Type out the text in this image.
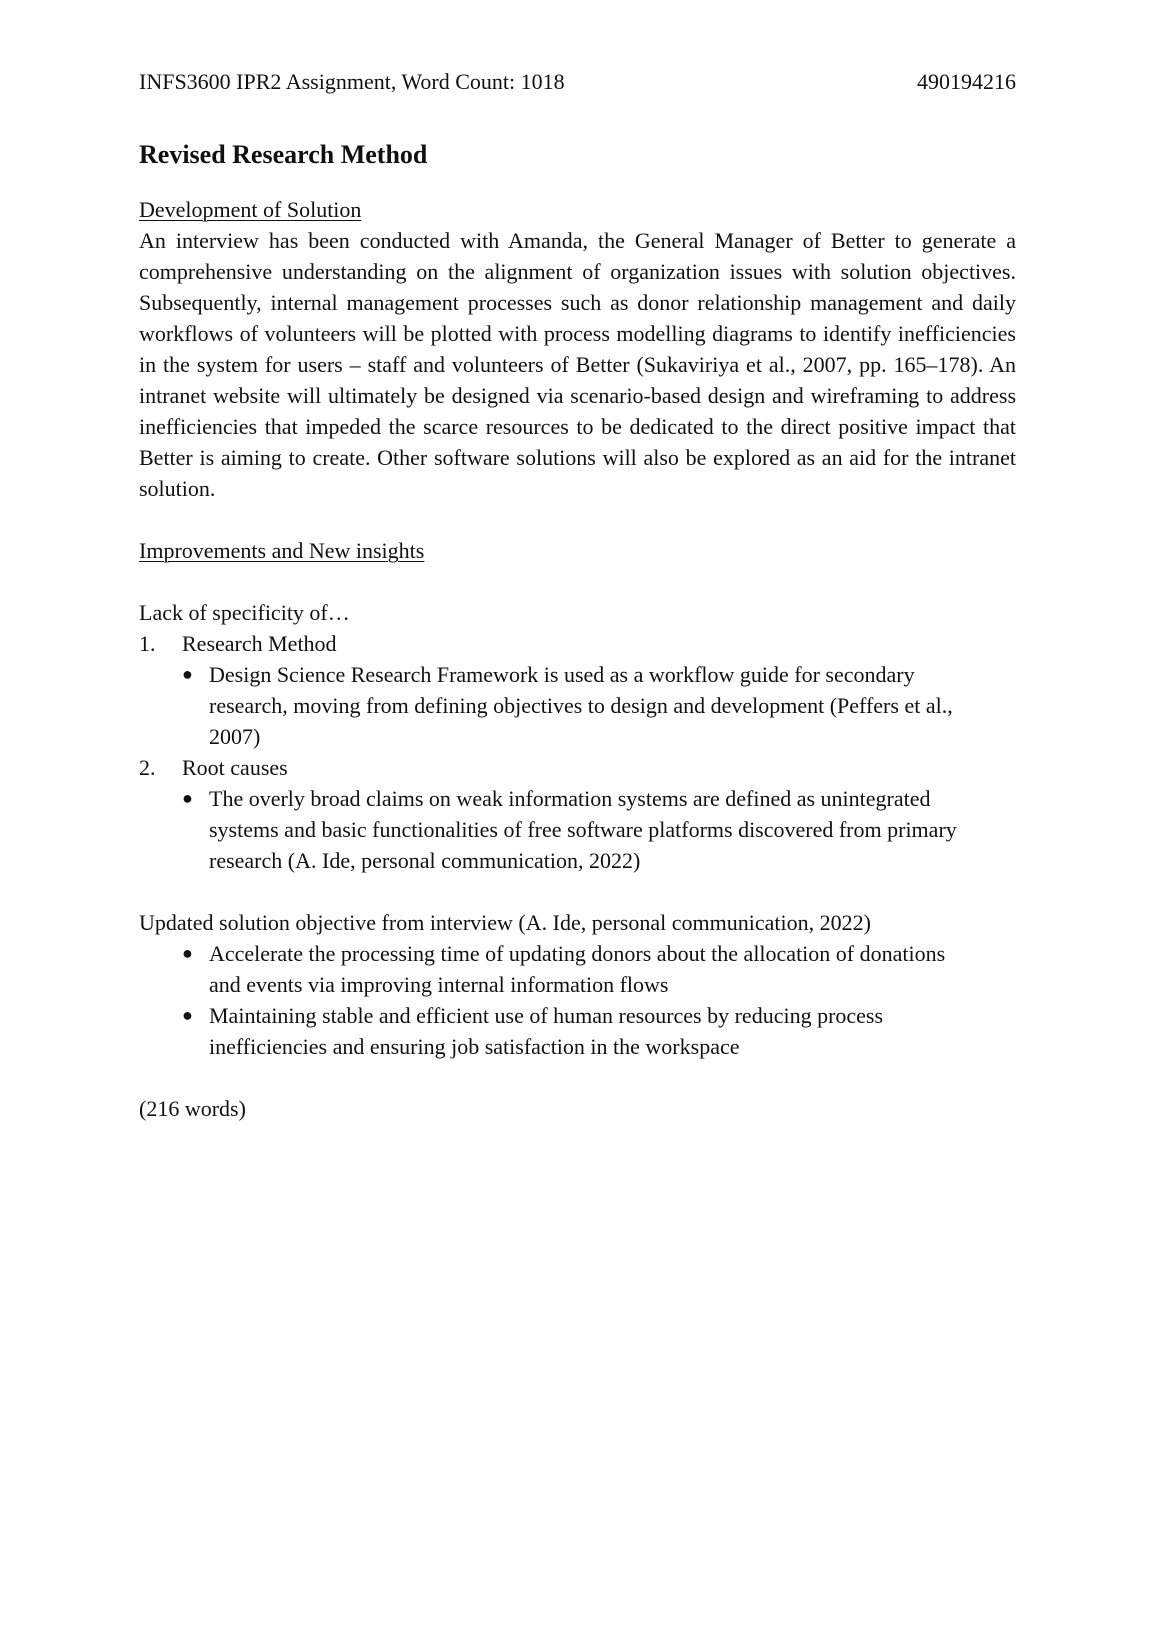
INFS3600 IPR2 Assignment, Word Count: 1018	490194216
Revised Research Method
Development of Solution

An interview has been conducted with Amanda, the General Manager of Better to generate a comprehensive understanding on the alignment of organization issues with solution objectives. Subsequently, internal management processes such as donor relationship management and daily workflows of volunteers will be plotted with process modelling diagrams to identify inefficiencies in the system for users – staff and volunteers of Better (Sukaviriya et al., 2007, pp. 165–178). An intranet website will ultimately be designed via scenario-based design and wireframing to address inefficiencies that impeded the scarce resources to be dedicated to the direct positive impact that Better is aiming to create. Other software solutions will also be explored as an aid for the intranet solution.

Improvements and New insights
Lack of specificity of…
1.	Research Method
● Design Science Research Framework is used as a workflow guide for secondary research, moving from defining objectives to design and development (Peffers et al., 2007)
2.	Root causes
● The overly broad claims on weak information systems are defined as unintegrated systems and basic functionalities of free software platforms discovered from primary research (A. Ide, personal communication, 2022)
Updated solution objective from interview (A. Ide, personal communication, 2022)
● Accelerate the processing time of updating donors about the allocation of donations and events via improving internal information flows
● Maintaining stable and efficient use of human resources by reducing process inefficiencies and ensuring job satisfaction in the workspace
(216 words)
